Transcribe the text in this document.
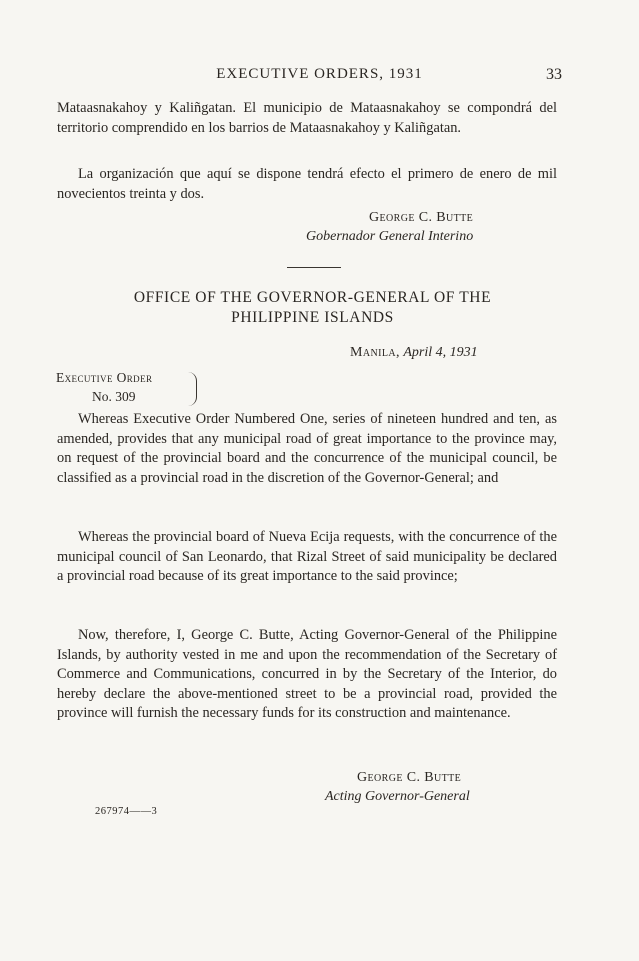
EXECUTIVE ORDERS, 1931	33
Mataasnakahoy y Kaliñgatan. El municipio de Mataasnakahoy se compondrá del territorio comprendido en los barrios de Mataasnakahoy y Kaliñgatan.
La organización que aquí se dispone tendrá efecto el primero de enero de mil novecientos treinta y dos.
George C. Butte
Gobernador General Interino
OFFICE OF THE GOVERNOR-GENERAL OF THE
PHILIPPINE ISLANDS
Manila, April 4, 1931
Executive Order
No. 309
Whereas Executive Order Numbered One, series of nineteen hundred and ten, as amended, provides that any municipal road of great importance to the province may, on request of the provincial board and the concurrence of the municipal council, be classified as a provincial road in the discretion of the Governor-General; and
Whereas the provincial board of Nueva Ecija requests, with the concurrence of the municipal council of San Leonardo, that Rizal Street of said municipality be declared a provincial road because of its great importance to the said province;
Now, therefore, I, George C. Butte, Acting Governor-General of the Philippine Islands, by authority vested in me and upon the recommendation of the Secretary of Commerce and Communications, concurred in by the Secretary of the Interior, do hereby declare the above-mentioned street to be a provincial road, provided the province will furnish the necessary funds for its construction and maintenance.
George C. Butte
Acting Governor-General
267974——3
